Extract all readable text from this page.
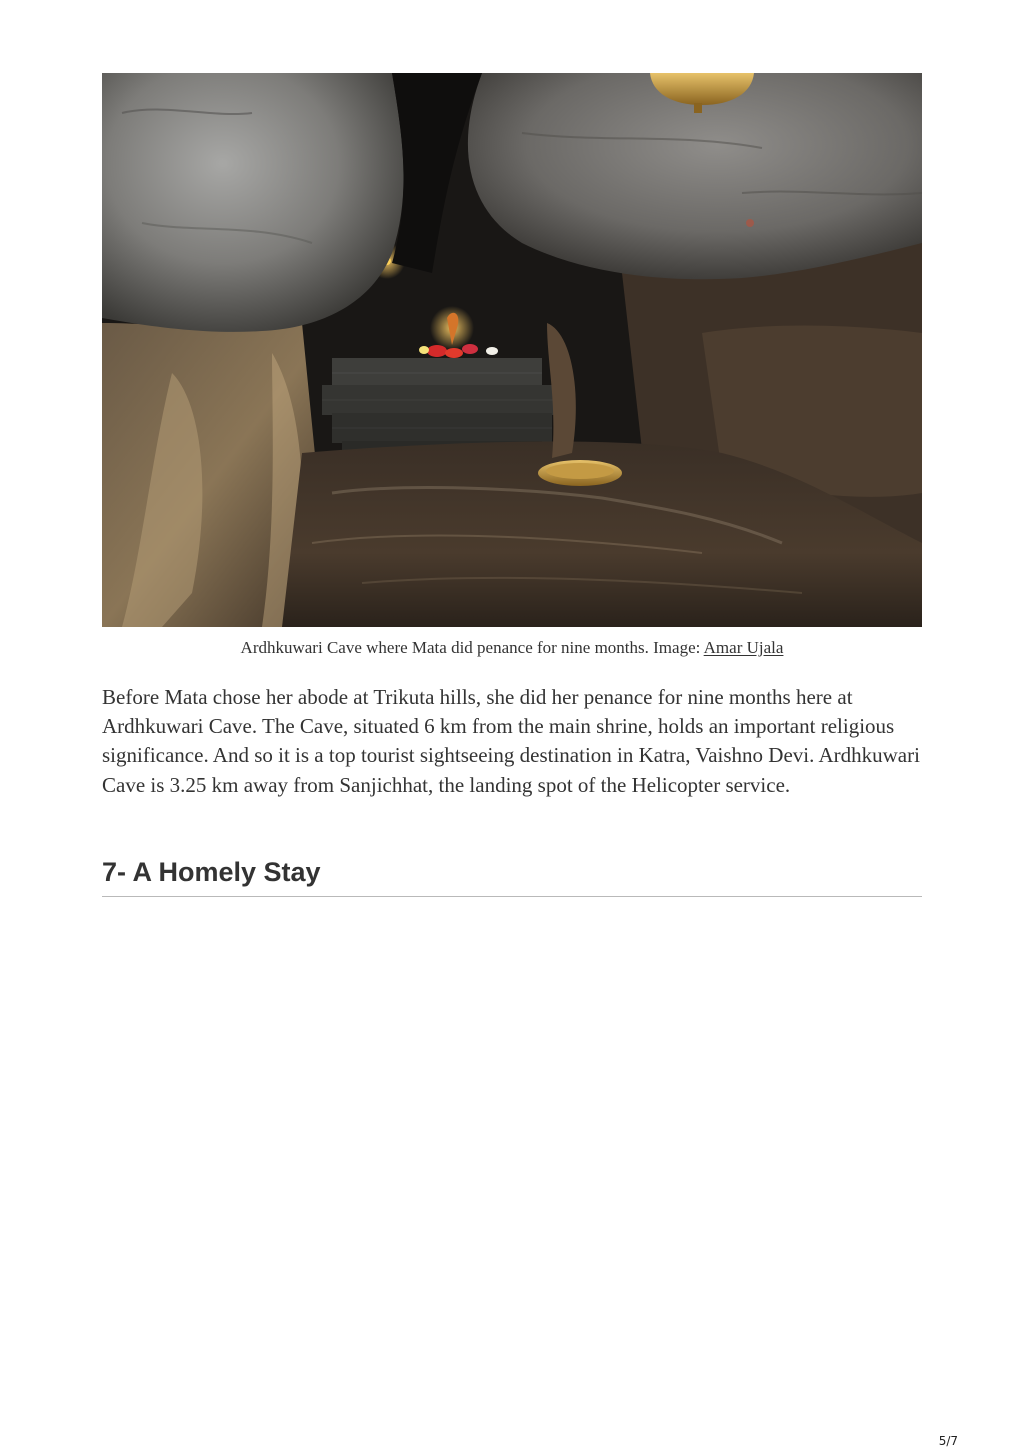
Ardhkuwari Cave where Mata did penance for nine months. Image: Amar Ujala

Before Mata chose her abode at Trikuta hills, she did her penance for nine months here at Ardhkuwari Cave. The Cave, situated 6 km from the main shrine, holds an important religious significance. And so it is a top tourist sightseeing destination in Katra, Vaishno Devi. Ardhkuwari Cave is 3.25 km away from Sanjichhat, the landing spot of the Helicopter service.

7- A Homely Stay
5/7
